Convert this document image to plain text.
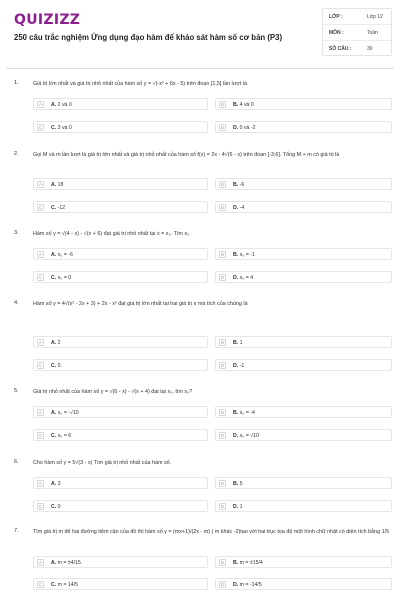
QUIZIZZ
250 câu trắc nghiệm Ứng dụng đạo hàm để khảo sát hàm số cơ bản (P3)
LỚP :	Lớp 12
MÔN :	Toán
SỐ CÂU :	30
1.	Giá trị lớn nhất và giá trị nhỏ nhất của hàm số y = √(-x² + 6x - 5) trên đoạn [1,5] lần lượt là
A	A. 2 và 0	B	B. 4 và 0
C	C. 3 và 0	D	D. 0 và -2
2.	Gọi M và m lần lượt là giá trị lớn nhất và giá trị nhỏ nhất của hàm số f(x) = 2x - 4√(6 - x) trên đoạn [-3;6]. Tổng M + m có giá trị là
A	A. 18	B	B. -6
C	C. -12	D	D. -4
3.	Hàm số y = √(4 - x) - √(x + 6) đạt giá trị nhỏ nhất tại x = x₀. Tìm x₀
A	A. x₀ = -6	B	B. x₀ = -1
C	C. x₀ = 0	D	D. x₀ = 4
4.	Hàm số y = 4√(x² - 2x + 3) + 2x - x² đạt giá trị lớn nhất tại hai giá trị x mà tích của chúng là
A	A. 2	B	B. 1
C	C. 0.	D	D. -1
5.	Giá trị nhỏ nhất của hàm số y = √(6 - x) - √(x + 4) đạt tại x₀, tìm x₀?
A	A. x₀ = -√10	B	B. x₀ = -4
C	C. x₀ = 6	D	D. x₀ = √10
6.	Cho hàm số y = 5√(3 - x) Tìm giá trị nhỏ nhất của hàm số.
A	A. 3	B	B. 5
C	C. 0	D	D. 1
7.	Tìm giá trị m để hai đường tiệm cận của đồ thị hàm số y = (mx+1)/(2x - m) ( m khác -2)tạo với hai trục tọa độ một hình chữ nhật có diện tích bằng 1/5
A	A. m = ±4/15.	B	B. m = ±15/4
C	C. m = 14/5	D	D. m = -14/5
